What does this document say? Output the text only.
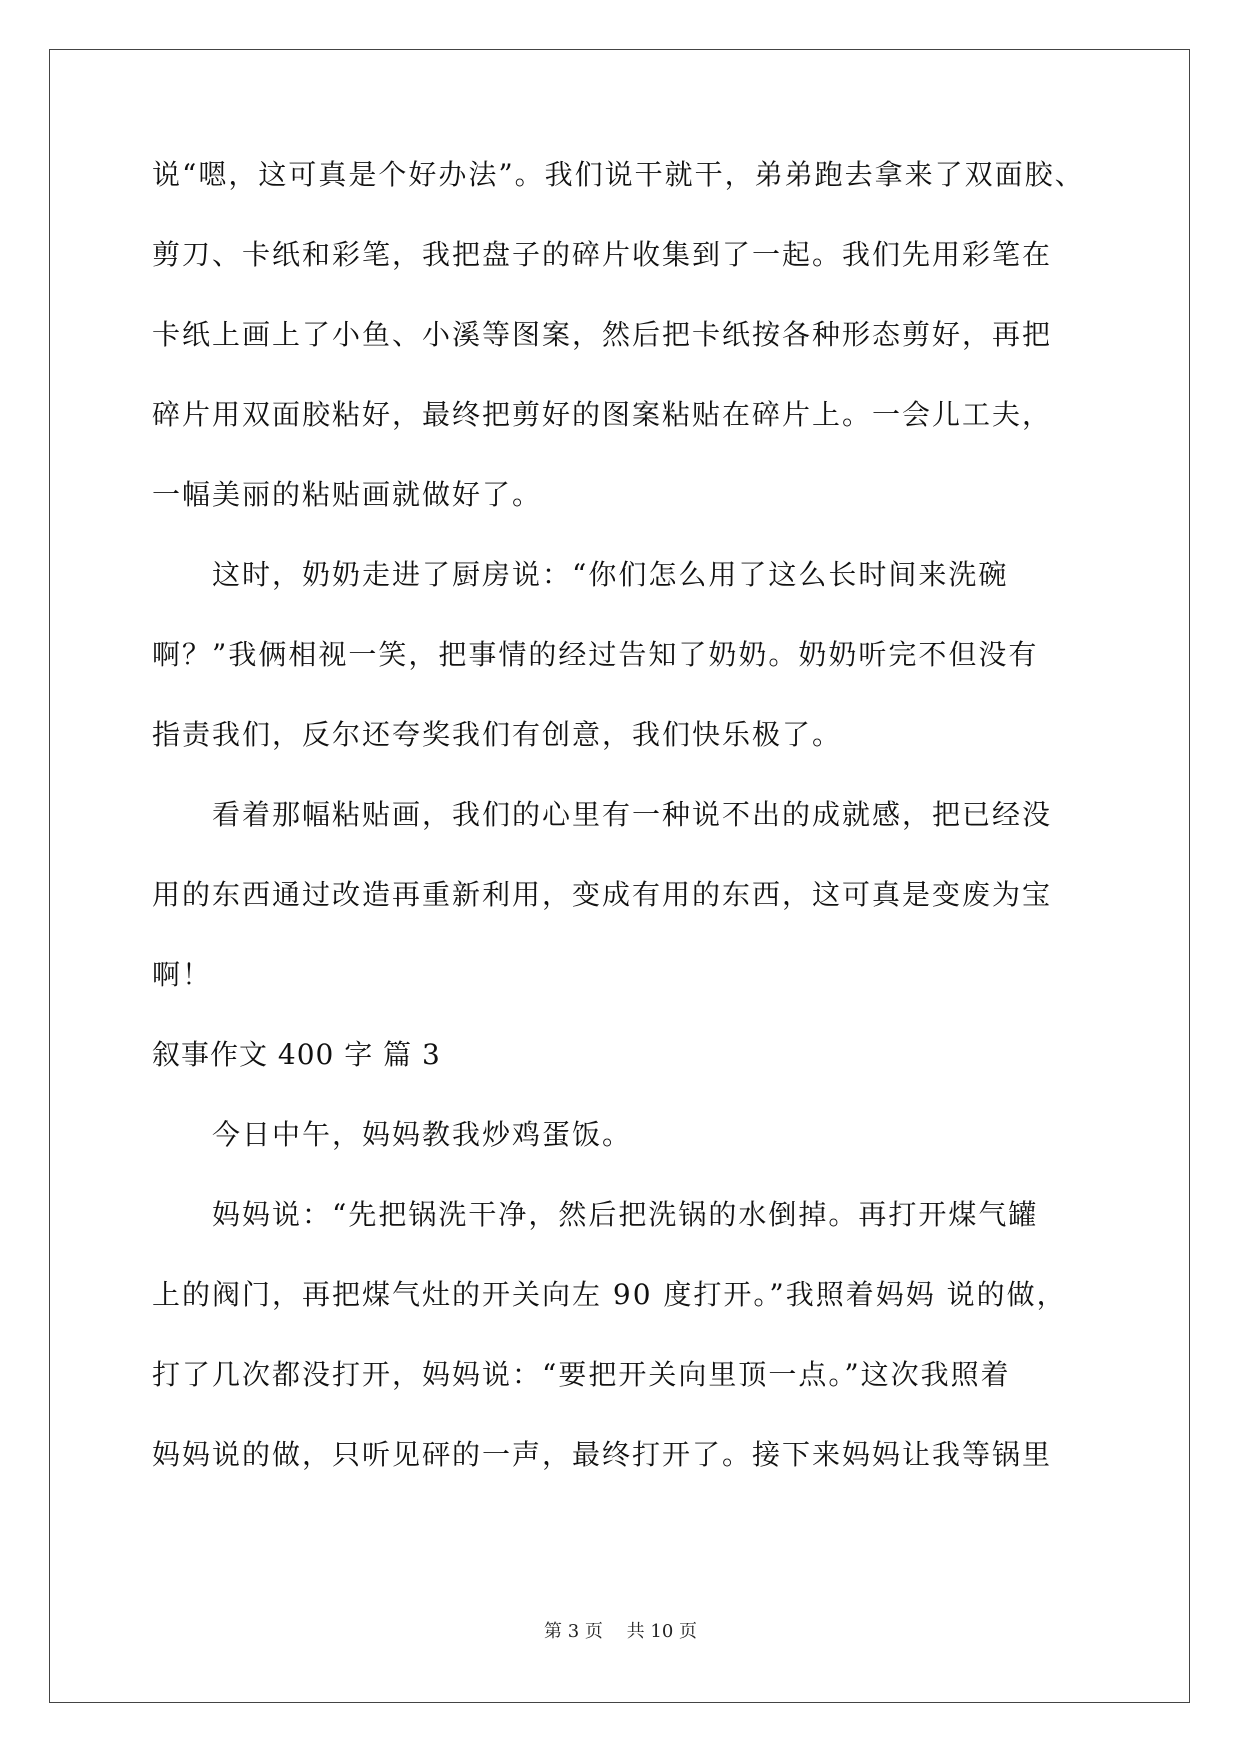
说“嗯，这可真是个好办法”。我们说干就干，弟弟跑去拿来了双面胶、
剪刀、卡纸和彩笔，我把盘子的碎片收集到了一起。我们先用彩笔在
卡纸上画上了小鱼、小溪等图案，然后把卡纸按各种形态剪好，再把
碎片用双面胶粘好，最终把剪好的图案粘贴在碎片上。一会儿工夫，
一幅美丽的粘贴画就做好了。
这时，奶奶走进了厨房说：“你们怎么用了这么长时间来洗碗
啊？”我俩相视一笑，把事情的经过告知了奶奶。奶奶听完不但没有
指责我们，反尔还夸奖我们有创意，我们快乐极了。
看着那幅粘贴画，我们的心里有一种说不出的成就感，把已经没
用的东西通过改造再重新利用，变成有用的东西，这可真是变废为宝
啊！
叙事作文 400 字 篇 3
今日中午，妈妈教我炒鸡蛋饭。
妈妈说：“先把锅洗干净，然后把洗锅的水倒掉。再打开煤气罐
上的阀门，再把煤气灶的开关向左 90 度打开。”我照着妈妈 说的做，
打了几次都没打开，妈妈说：“要把开关向里顶一点。”这次我照着
妈妈说的做，只听见砰的一声，最终打开了。接下来妈妈让我等锅里
第 3 页 共 10 页
